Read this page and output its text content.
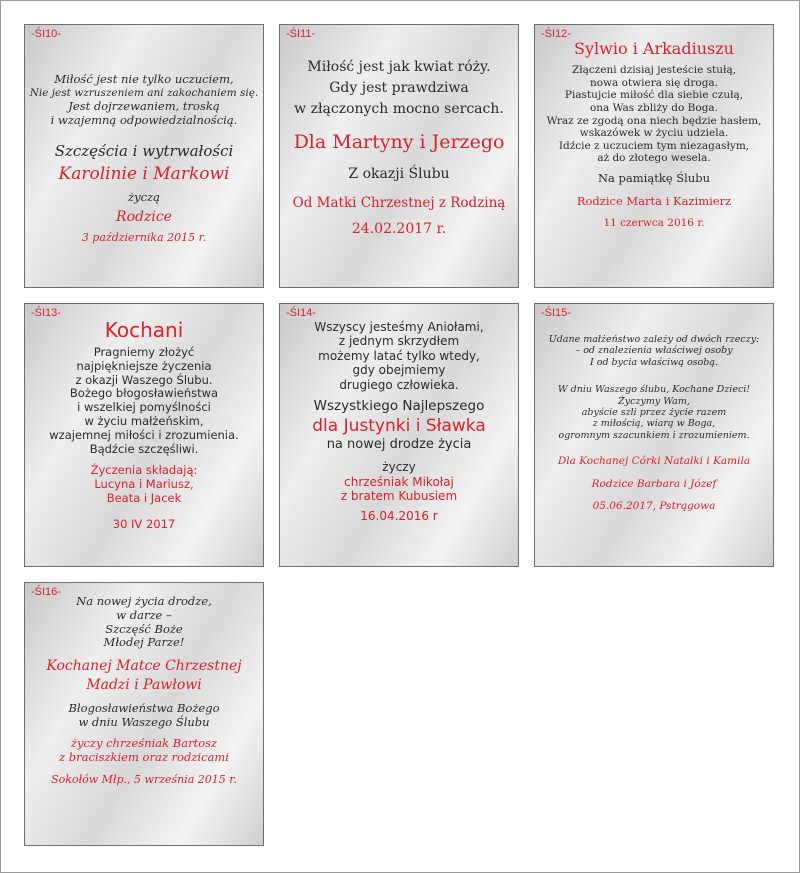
-ŚI10-
Miłość jest nie tylko uczuciem,
Nie jest wzruszeniem ani zakochaniem się.
Jest dojrzewaniem, troską
i wzajemną odpowiedzialnością.
Szczęścia i wytrwałości
Karolinie i Markowi
życzą
Rodzice
3 października 2015 r.
-ŚI11-
Miłość jest jak kwiat róży.
Gdy jest prawdziwa
w złączonych mocno sercach.
Dla Martyny i Jerzego
Z okazji Ślubu
Od Matki Chrzestnej z Rodziną
24.02.2017 r.
-ŚI12-
Sylwio i Arkadiuszu
Złączeni dzisiaj jesteście stułą,
nowa otwiera się droga.
Piastujcie miłość dla siebie czułą,
ona Was zbliży do Boga.
Wraz ze zgodą ona niech będzie hasłem,
wskazówek w życiu udziela.
Idźcie z uczuciem tym niezagasłym,
aż do złotego wesela.
Na pamiątkę Ślubu
Rodzice Marta i Kazimierz
11 czerwca 2016 r.
-ŚI13-
Kochani
Pragniemy złożyć
najpiękniejsze życzenia
z okazji Waszego Ślubu.
Bożego błogosławieństwa
i wszelkiej pomyślności
w życiu małżeńskim,
wzajemnej miłości i zrozumienia.
Bądźcie szczęśliwi.
Życzenia składają:
Lucyna i Mariusz,
Beata i Jacek
30 IV 2017
-ŚI14-
Wszyscy jesteśmy Aniołami,
z jednym skrzydłem
możemy latać tylko wtedy,
gdy obejmiemy
drugiego człowieka.
Wszystkiego Najlepszego
dla Justynki i Sławka
na nowej drodze życia
życzy
chrześniak Mikołaj
z bratem Kubusiem
16.04.2016 r
-ŚI15-
Udane małżeństwo zależy od dwóch rzeczy:
– od znalezienia właściwej osoby
I od bycia właściwą osobą.
W dniu Waszego ślubu, Kochane Dzieci!
Życzymy Wam,
abyście szli przez życie razem
z miłością, wiarą w Boga,
ogromnym szacunkiem i zrozumieniem.
Dla Kochanej Córki Natalki i Kamila
Rodzice Barbara i Józef
05.06.2017, Pstrągowa
-ŚI16-
Na nowej życia drodze,
w darze –
Szczęść Boże
Młodej Parze!
Kochanej Matce Chrzestnej
Madzi i Pawłowi
Błogosławieństwa Bożego
w dniu Waszego Ślubu
życzy chrześniak Bartosz
z braciszkiem oraz rodzicami
Sokołów Młp., 5 września 2015 r.
